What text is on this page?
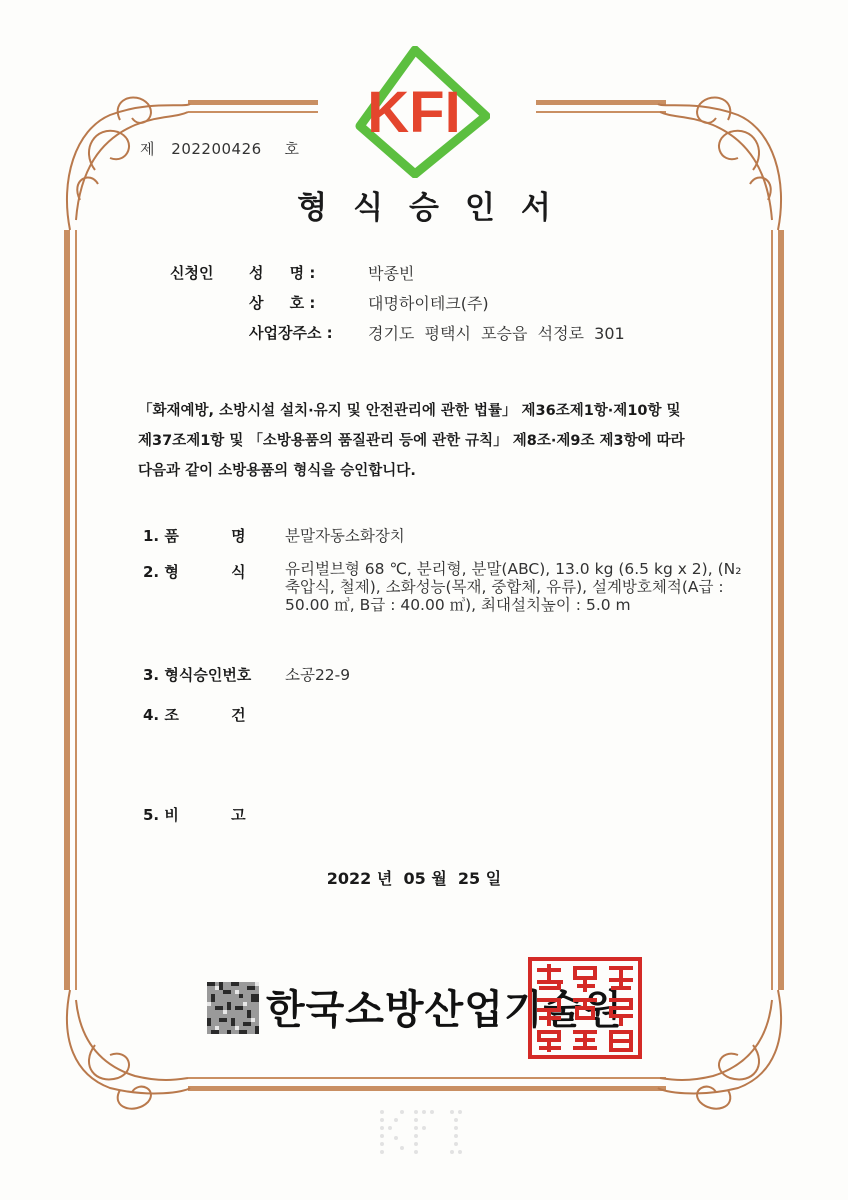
KFI
제 202200426 호
형식승인서
신청인 성     명 :	박종빈
상     호 :	대명하이테크(주)
사업장주소 : 경기도  평택시  포승읍  석정로  301
「화재예방, 소방시설 설치·유지 및 안전관리에 관한 법률」 제36조제1항·제10항 및
제37조제1항 및 「소방용품의 품질관리 등에 관한 규칙」 제8조·제9조 제3항에 따라
다음과 같이 소방용품의 형식을 승인합니다.
1. 품          명	분말자동소화장치
2. 형          식	유리벌브형 68 ℃, 분리형, 분말(ABC), 13.0 kg (6.5 kg x 2), (N₂ 축압식, 철제), 소화성능(목재, 중합체, 유류), 설계방호체적(A급 : 50.00 ㎥, B급 : 40.00 ㎥), 최대설치높이 : 5.0 m
3. 형식승인번호 소공22-9
4. 조          건
5. 비          고
2022 년  05 월  25 일
한국소방산업기술원
